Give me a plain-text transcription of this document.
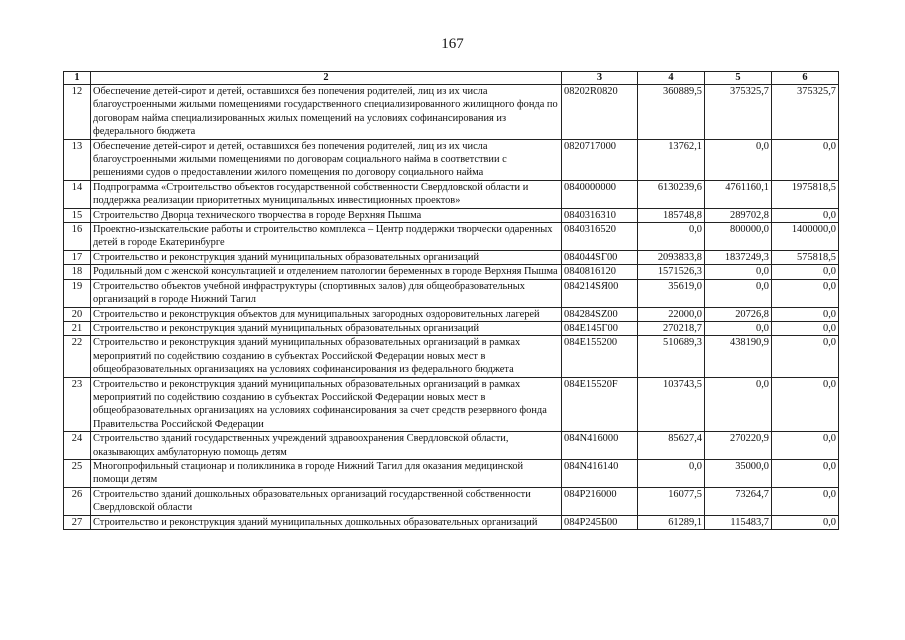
167
1	2	3	4	5	6
12	Обеспечение детей-сирот и детей, оставшихся без попечения родителей, лиц из их числа благоустроенными жилыми помещениями государственного специализированного жилищного фонда по договорам найма специализированных жилых помещений на условиях софинансирования из федерального бюджета	08202R0820	360889,5	375325,7	375325,7
13	Обеспечение детей-сирот и детей, оставшихся без попечения родителей, лиц из их числа благоустроенными жилыми помещениями по договорам социального найма в соответствии с решениями судов о предоставлении жилого помещения по договору социального найма	0820717000	13762,1	0,0	0,0
14	Подпрограмма «Строительство объектов государственной собственности Свердловской области и поддержка реализации приоритетных муниципальных инвестиционных проектов»	0840000000	6130239,6	4761160,1	1975818,5
15	Строительство Дворца технического творчества в городе Верхняя Пышма	0840316310	185748,8	289702,8	0,0
16	Проектно-изыскательские работы и строительство комплекса – Центр поддержки творчески одаренных детей в городе Екатеринбурге	0840316520	0,0	800000,0	1400000,0
17	Строительство и реконструкция зданий муниципальных образовательных организаций	084044SГ00	2093833,8	1837249,3	575818,5
18	Родильный дом с женской консультацией и отделением патологии беременных в городе Верхняя Пышма	0840816120	1571526,3	0,0	0,0
19	Строительство объектов учебной инфраструктуры (спортивных залов) для общеобразовательных организаций в городе Нижний Тагил	084214SЯ00	35619,0	0,0	0,0
20	Строительство и реконструкция объектов для муниципальных загородных оздоровительных лагерей	084284SZ00	22000,0	20726,8	0,0
21	Строительство и реконструкция зданий муниципальных образовательных организаций	084E145Г00	270218,7	0,0	0,0
22	Строительство и реконструкция зданий муниципальных образовательных организаций в рамках мероприятий по содействию созданию в субъектах Российской Федерации новых мест в общеобразовательных организациях на условиях софинансирования из федерального бюджета	084E155200	510689,3	438190,9	0,0
23	Строительство и реконструкция зданий муниципальных образовательных организаций в рамках мероприятий по содействию созданию в субъектах Российской Федерации новых мест в общеобразовательных организациях на условиях софинансирования за счет средств резервного фонда Правительства Российской Федерации	084E15520F	103743,5	0,0	0,0
24	Строительство зданий государственных учреждений здравоохранения Свердловской области, оказывающих амбулаторную помощь детям	084N416000	85627,4	270220,9	0,0
25	Многопрофильный стационар и поликлиника в городе Нижний Тагил для оказания медицинской помощи детям	084N416140	0,0	35000,0	0,0
26	Строительство зданий дошкольных образовательных организаций государственной собственности Свердловской области	084P216000	16077,5	73264,7	0,0
27	Строительство и реконструкция зданий муниципальных дошкольных образовательных организаций	084P245Б00	61289,1	115483,7	0,0
